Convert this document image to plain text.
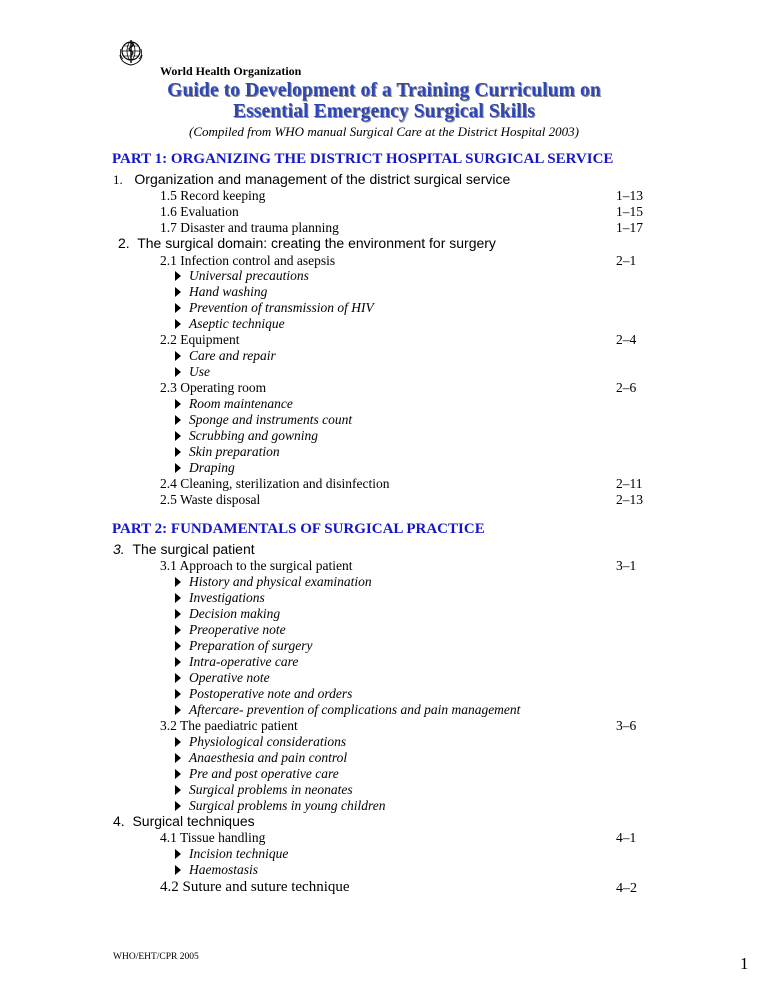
World Health Organization
Guide to Development of a Training Curriculum on
Essential Emergency Surgical Skills
(Compiled from WHO manual Surgical Care at the District Hospital 2003)
PART 1: ORGANIZING THE DISTRICT HOSPITAL SURGICAL SERVICE
1. Organization and management of the district surgical service
1.5 Record keeping	1–13
1.6 Evaluation	1–15
1.7 Disaster and trauma planning	1–17
2.  The surgical domain: creating the environment for surgery
2.1 Infection control and asepsis	2–1
Universal precautions
Hand washing
Prevention of transmission of HIV
Aseptic technique
2.2 Equipment	2–4
Care and repair
Use
2.3 Operating room	2–6
Room maintenance
Sponge and instruments count
Scrubbing and gowning
Skin preparation
Draping
2.4 Cleaning, sterilization and disinfection	2–11
2.5 Waste disposal	2–13
PART 2: FUNDAMENTALS OF SURGICAL PRACTICE
3. The surgical patient
3.1 Approach to the surgical patient	3–1
History and physical examination
Investigations
Decision making
Preoperative note
Preparation of surgery
Intra-operative care
Operative note
Postoperative note and orders
Aftercare- prevention of complications and pain management
3.2 The paediatric patient	3–6
Physiological considerations
Anaesthesia and pain control
Pre and post operative care
Surgical problems in neonates
Surgical problems in young children
4.  Surgical techniques
4.1 Tissue handling	4–1
Incision technique
Haemostasis
4.2 Suture and suture technique	4–2
WHO/EHT/CPR 2005	1
